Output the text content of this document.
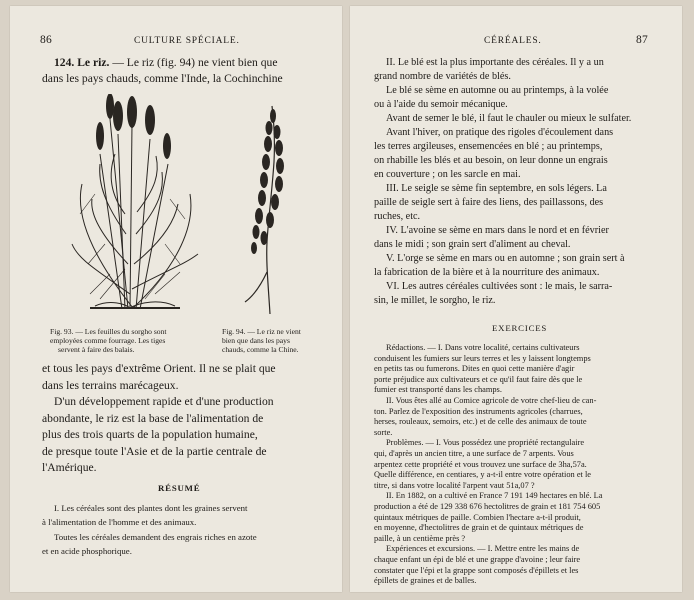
86	CULTURE SPÉCIALE.

124. Le riz. — Le riz (fig. 94) ne vient bien que

dans les pays chauds, comme l'Inde, la Cochinchine

Fig. 93. — Les feuilles du sorgho sont

employées comme fourrage. Les tiges

servent à faire des balais.

Fig. 94. — Le riz ne vient

bien que dans les pays

chauds, comme la Chine.

et tous les pays d'extrême Orient. Il ne se plait que

dans les terrains marécageux.

D'un développement rapide et d'une production

abondante, le riz est la base de l'alimentation de

plus des trois quarts de la population humaine,

de presque toute l'Asie et de la partie centrale de

l'Amérique.

RÉSUMÉ

I. Les céréales sont des plantes dont les graines servent

à l'alimentation de l'homme et des animaux.

Toutes les céréales demandent des engrais riches en azote

et en acide phosphorique.

CÉRÉALES.	87

II. Le blé est la plus importante des céréales. Il y a un

grand nombre de variétés de blés.

Le blé se sème en automne ou au printemps, à la volée

ou à l'aide du semoir mécanique.

Avant de semer le blé, il faut le chauler ou mieux le sulfater.

Avant l'hiver, on pratique des rigoles d'écoulement dans

les terres argileuses, ensemencées en blé ; au printemps,

on rhabille les blés et au besoin, on leur donne un engrais

en couverture ; on les sarcle en mai.

III. Le seigle se sème fin septembre, en sols légers. La

paille de seigle sert à faire des liens, des paillassons, des

ruches, etc.

IV. L'avoine se sème en mars dans le nord et en février

dans le midi ; son grain sert d'aliment au cheval.

V. L'orge se sème en mars ou en automne ; son grain sert à

la fabrication de la bière et à la nourriture des animaux.

VI. Les autres céréales cultivées sont : le mais, le sarra-

sin, le millet, le sorgho, le riz.

EXERCICES

Rédactions. — I. Dans votre localité, certains cultivateurs

conduisent les fumiers sur leurs terres et les y laissent longtemps

en petits tas ou fumerons. Dites en quoi cette manière d'agir

porte préjudice aux cultivateurs et ce qu'il faut faire dès que le

fumier est transporté dans les champs.

II. Vous êtes allé au Comice agricole de votre chef-lieu de can-

ton. Parlez de l'exposition des instruments agricoles (charrues,

herses, rouleaux, semoirs, etc.) et de celle des animaux de toute

sorte.

Problèmes. — I. Vous possédez une propriété rectangulaire

qui, d'après un ancien titre, a une surface de 7 arpents. Vous

arpentez cette propriété et vous trouvez une surface de 3ha,57a.

Quelle différence, en centiares, y a-t-il entre votre opération et le

titre, si dans votre localité l'arpent vaut 51a,07 ?

II. En 1882, on a cultivé en France 7 191 149 hectares en blé. La

production a été de 129 338 676 hectolitres de grain et 181 754 605

quintaux métriques de paille. Combien l'hectare a-t-il produit,

en moyenne, d'hectolitres de grain et de quintaux métriques de

paille, à un centième près ?

Expériences et excursions. — I. Mettre entre les mains de

chaque enfant un épi de blé et une grappe d'avoine ; leur faire

constater que l'épi et la grappe sont composés d'épillets et les

épillets de graines et de balles.
